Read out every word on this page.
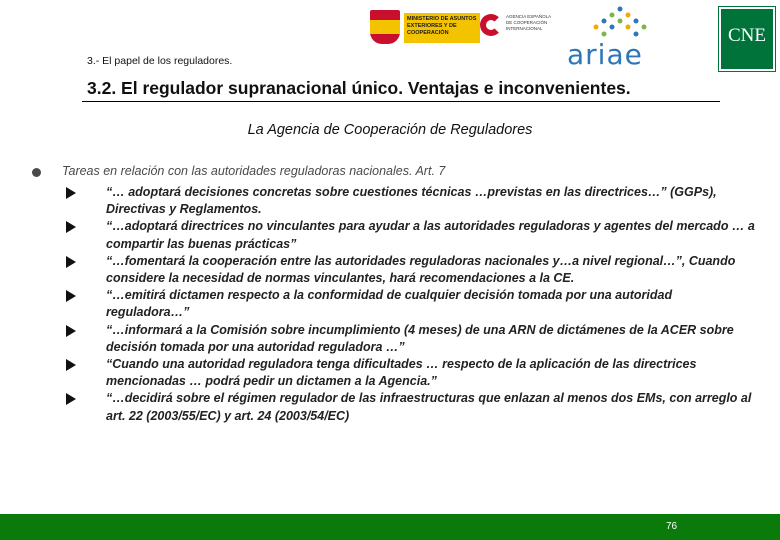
MINISTERIO DE ASUNTOS EXTERIORES Y DE COOPERACIÓN
AGENCIA ESPAÑOLA DE COOPERACIÓN INTERNACIONAL
ariae
CNE
3.- El papel de los reguladores.
3.2. El regulador supranacional único. Ventajas e inconvenientes.
La Agencia de Cooperación de Reguladores
Tareas en relación con las autoridades reguladoras nacionales. Art. 7
“… adoptará decisiones concretas sobre cuestiones técnicas …previstas en las directrices…” (GGPs), Directivas y Reglamentos.
“…adoptará directrices no vinculantes para ayudar a las autoridades reguladoras y agentes del mercado … a compartir las buenas prácticas”
“…fomentará la cooperación entre las autoridades reguladoras nacionales y…a nivel regional…”, Cuando considere la necesidad de normas vinculantes, hará recomendaciones a la CE.
“…emitirá dictamen respecto a la conformidad de cualquier decisión tomada por una autoridad reguladora…”
“…informará a la Comisión sobre incumplimiento (4 meses) de una ARN de dictámenes de la ACER sobre decisión tomada por una autoridad reguladora …”
“Cuando una autoridad reguladora tenga dificultades … respecto de la aplicación de las directrices mencionadas … podrá pedir un dictamen a la Agencia.”
“…decidirá sobre el régimen regulador de las infraestructuras que enlazan al menos dos EMs, con arreglo al art. 22 (2003/55/EC) y art. 24 (2003/54/EC)
76
